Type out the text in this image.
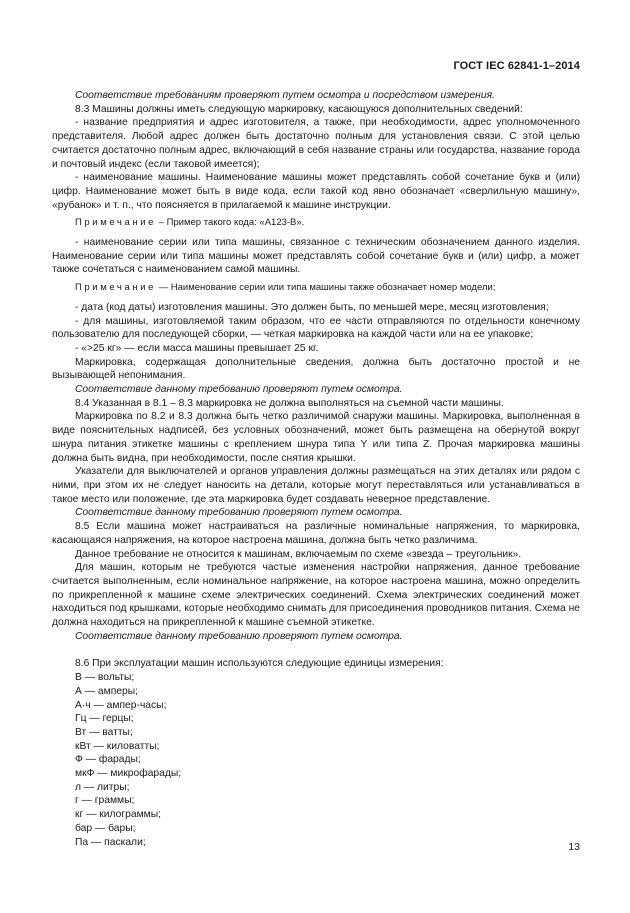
ГОСТ IEC 62841-1–2014

Соответствие требованиям проверяют путем осмотра и посредством измерения.

8.3 Машины должны иметь следующую маркировку, касающуюся дополнительных сведений:

- название предприятия и адрес изготовителя, а также, при необходимости, адрес уполномоченного представителя. Любой адрес должен быть достаточно полным для установления связи. С этой целью считается достаточно полным адрес, включающий в себя название страны или государства, название города и почтовый индекс (если таковой имеется);

- наименование машины. Наименование машины может представлять собой сочетание букв и (или) цифр. Наименование может быть в виде кода, если такой код явно обозначает «сверлильную машину», «рубанок» и т. п., что поясняется в прилагаемой к машине инструкции.

Примечание – Пример такого кода: «А123-В».

- наименование серии или типа машины, связанное с техническим обозначением данного изделия. Наименование серии или типа машины может представлять собой сочетание букв и (или) цифр, а может также сочетаться с наименованием самой машины.

Примечание — Наименование серии или типа машины также обозначает номер модели;

- дата (код даты) изготовления машины. Это должен быть, по меньшей мере, месяц изготовления;

- для машины, изготовляемой таким образом, что ее части отправляются по отдельности конечному пользователю для последующей сборки, — четкая маркировка на каждой части или на ее упаковке;

- «>25 кг» — если масса машины превышает 25 кг.

Маркировка, содержащая дополнительные сведения, должна быть достаточно простой и не вызывающей непонимания.

Соответствие данному требованию проверяют путем осмотра.

8.4 Указанная в 8.1 – 8.3 маркировка не должна выполняться на съемной части машины.

Маркировка по 8.2 и 8.3 должна быть четко различимой снаружи машины. Маркировка, выполненная в виде пояснительных надписей, без условных обозначений, может быть размещена на обернутой вокруг шнура питания этикетке машины с креплением шнура типа Y или типа Z. Прочая маркировка машины должна быть видна, при необходимости, после снятия крышки.

Указатели для выключателей и органов управления должны размещаться на этих деталях или рядом с ними, при этом их не следует наносить на детали, которые могут переставляться или устанавливаться в такое место или положение, где эта маркировка будет создавать неверное представление.

Соответствие данному требованию проверяют путем осмотра.

8.5 Если машина может настраиваться на различные номинальные напряжения, то маркировка, касающаяся напряжения, на которое настроена машина, должна быть четко различима.

Данное требование не относится к машинам, включаемым по схеме «звезда – треугольник».

Для машин, которым не требуются частые изменения настройки напряжения, данное требование считается выполненным, если номинальное напряжение, на которое настроена машина, можно определить по прикрепленной к машине схеме электрических соединений. Схема электрических соединений может находиться под крышками, которые необходимо снимать для присоединения проводников питания. Схема не должна находиться на прикрепленной к машине съемной этикетке.

Соответствие данному требованию проверяют путем осмотра.

8.6 При эксплуатации машин используются следующие единицы измерения:

В — вольты;

А — амперы;

А·ч — ампер-часы;

Гц — герцы;

Вт — ватты;

кВт — киловатты;

Ф — фарады;

мкФ — микрофарады;

л — литры;

г — граммы;

кг — килограммы;

бар — бары;

Па — паскали;	13
